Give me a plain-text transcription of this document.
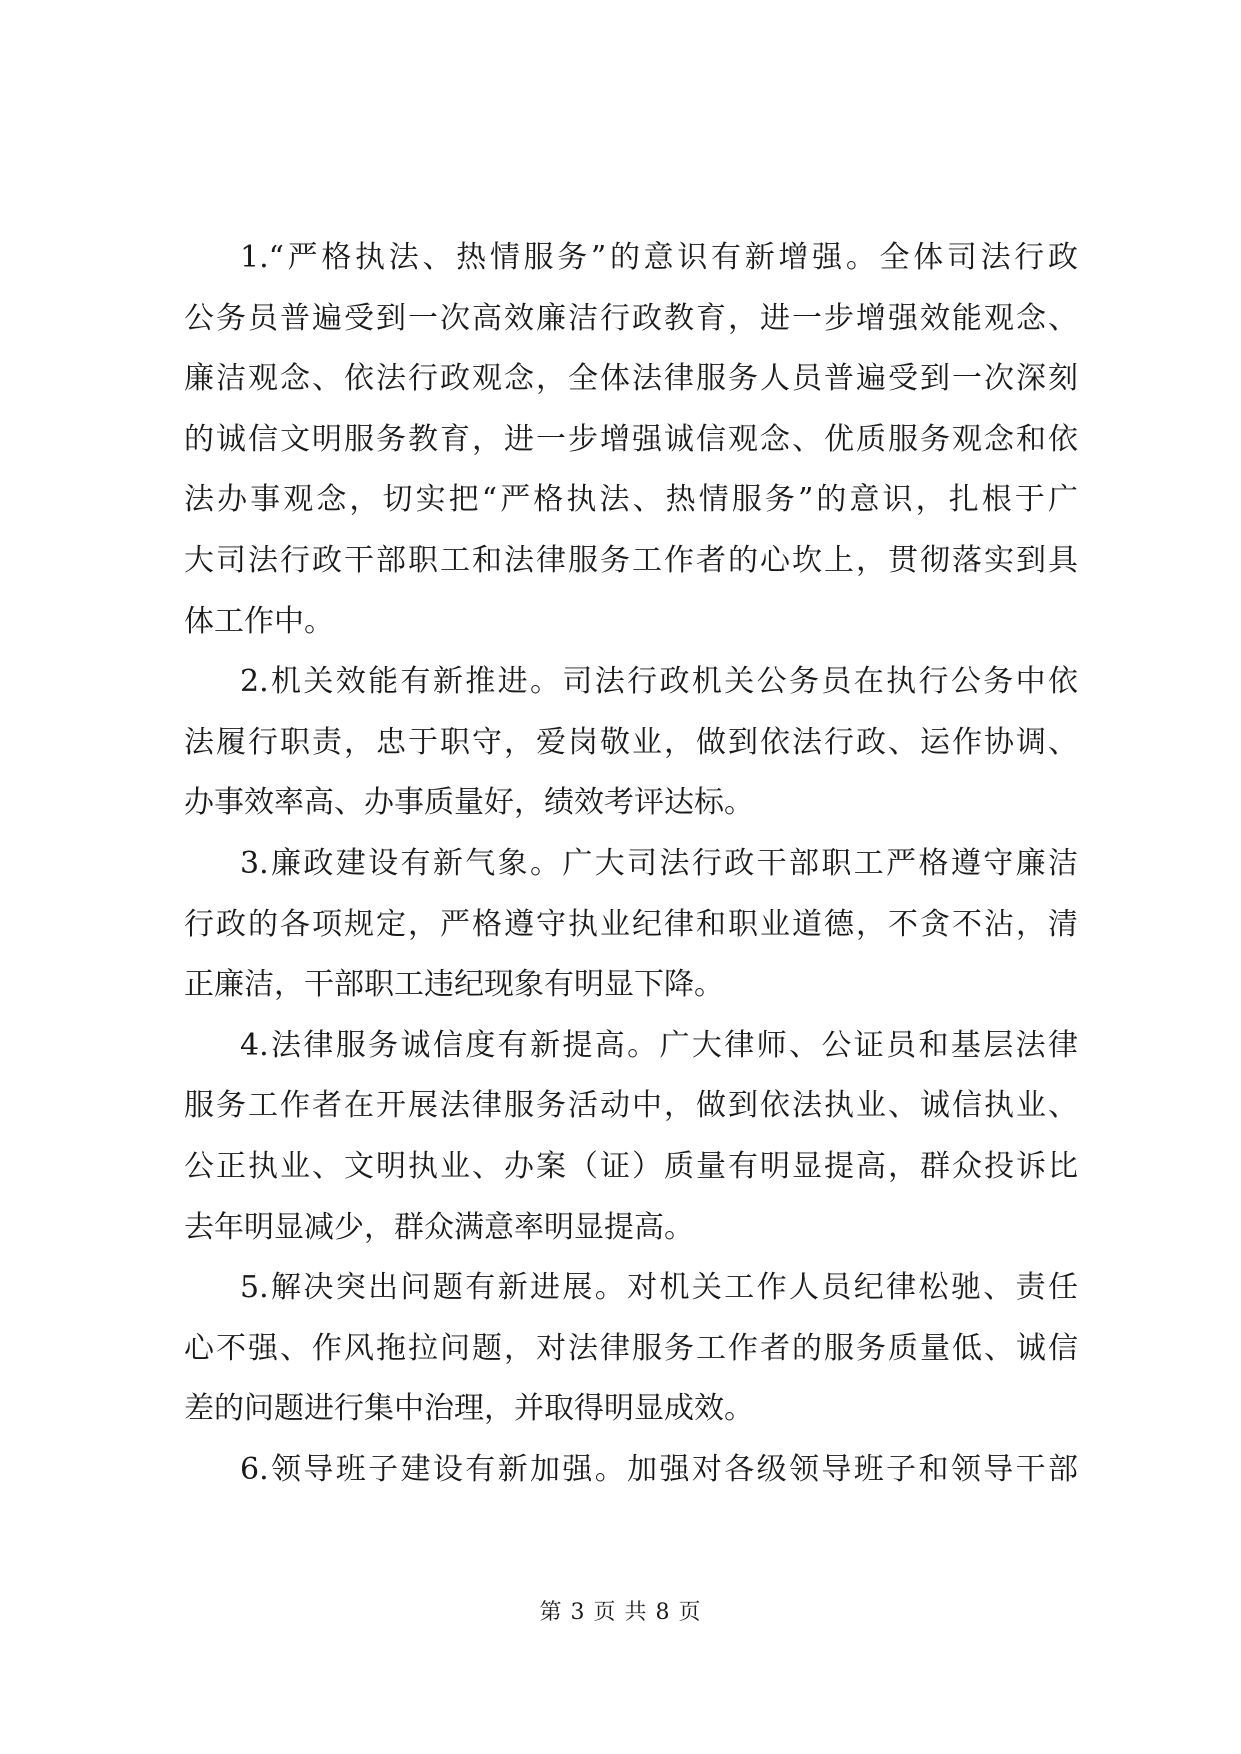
1.“严格执法、热情服务”的意识有新增强。全体司法行政
公务员普遍受到一次高效廉洁行政教育，进一步增强效能观念、
廉洁观念、依法行政观念，全体法律服务人员普遍受到一次深刻
的诚信文明服务教育，进一步增强诚信观念、优质服务观念和依
法办事观念，切实把“严格执法、热情服务”的意识，扎根于广
大司法行政干部职工和法律服务工作者的心坎上，贯彻落实到具
体工作中。
2.机关效能有新推进。司法行政机关公务员在执行公务中依
法履行职责，忠于职守，爱岗敬业，做到依法行政、运作协调、
办事效率高、办事质量好，绩效考评达标。
3.廉政建设有新气象。广大司法行政干部职工严格遵守廉洁
行政的各项规定，严格遵守执业纪律和职业道德，不贪不沾，清
正廉洁，干部职工违纪现象有明显下降。
4.法律服务诚信度有新提高。广大律师、公证员和基层法律
服务工作者在开展法律服务活动中，做到依法执业、诚信执业、
公正执业、文明执业、办案（证）质量有明显提高，群众投诉比
去年明显减少，群众满意率明显提高。
5.解决突出问题有新进展。对机关工作人员纪律松驰、责任
心不强、作风拖拉问题，对法律服务工作者的服务质量低、诚信
差的问题进行集中治理，并取得明显成效。
6.领导班子建设有新加强。加强对各级领导班子和领导干部
第 3 页 共 8 页
